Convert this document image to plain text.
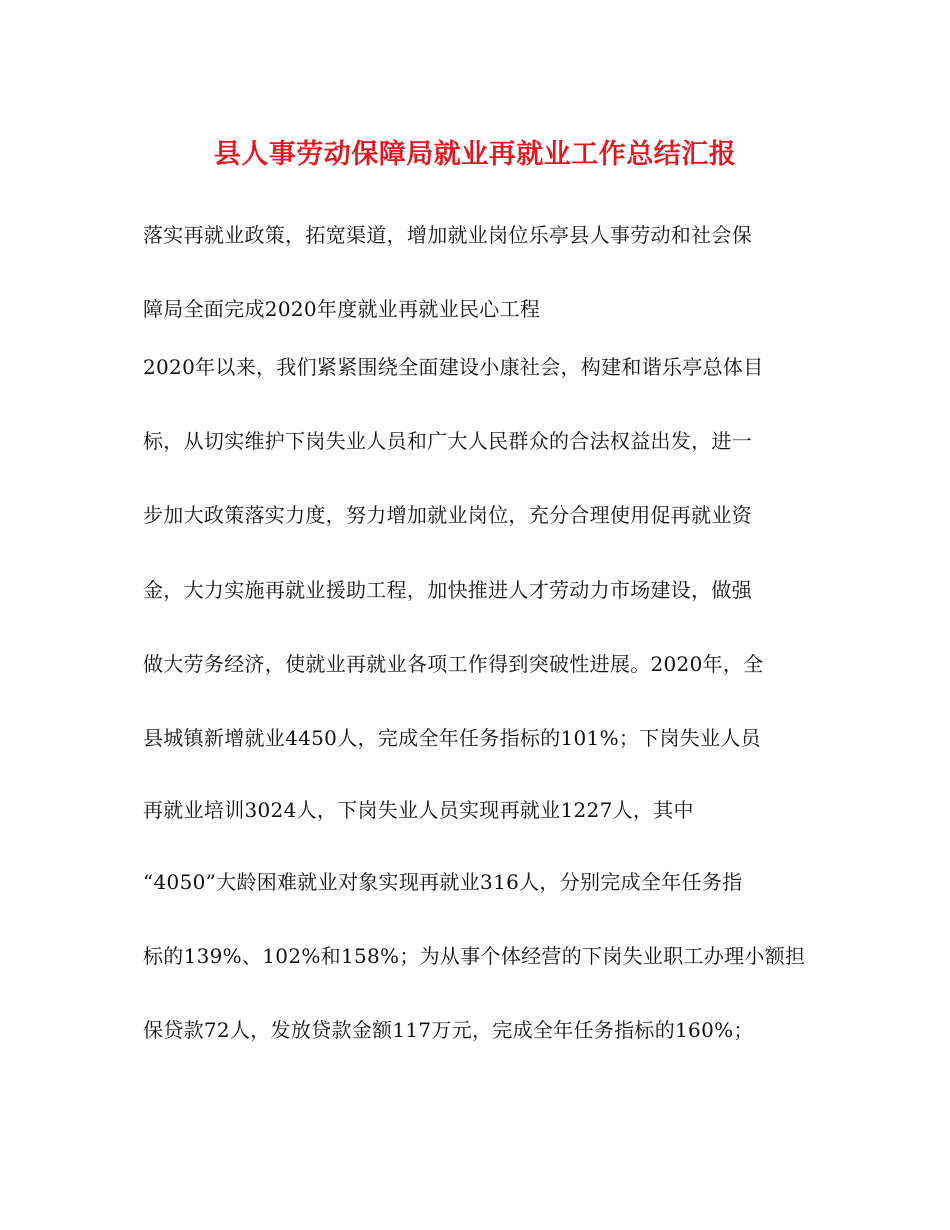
县人事劳动保障局就业再就业工作总结汇报
落实再就业政策，拓宽渠道，增加就业岗位乐亭县人事劳动和社会保
障局全面完成2020年度就业再就业民心工程
2020年以来，我们紧紧围绕全面建设小康社会，构建和谐乐亭总体目
标，从切实维护下岗失业人员和广大人民群众的合法权益出发，进一
步加大政策落实力度，努力增加就业岗位，充分合理使用促再就业资
金，大力实施再就业援助工程，加快推进人才劳动力市场建设，做强
做大劳务经济，使就业再就业各项工作得到突破性进展。2020年，全
县城镇新增就业4450人，完成全年任务指标的101%；下岗失业人员
再就业培训3024人，下岗失业人员实现再就业1227人，其中
“4050”大龄困难就业对象实现再就业316人，分别完成全年任务指
标的139%、102%和158%；为从事个体经营的下岗失业职工办理小额担
保贷款72人，发放贷款金额117万元，完成全年任务指标的160%；
